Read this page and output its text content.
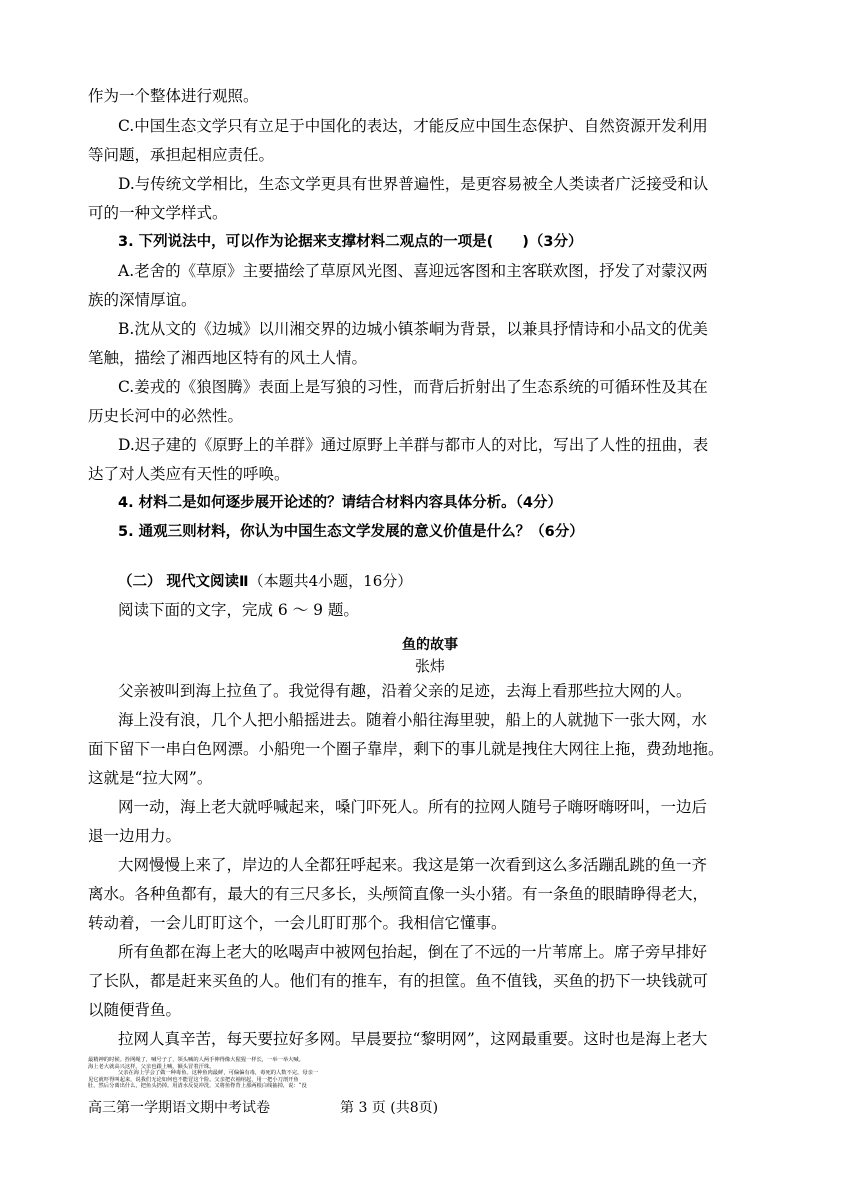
作为一个整体进行观照。
C.中国生态文学只有立足于中国化的表达，才能反应中国生态保护、自然资源开发利用
等问题，承担起相应责任。
D.与传统文学相比，生态文学更具有世界普遍性，是更容易被全人类读者广泛接受和认
可的一种文学样式。
3. 下列说法中，可以作为论据来支撑材料二观点的一项是(　　)（3分）
A.老舍的《草原》主要描绘了草原风光图、喜迎远客图和主客联欢图，抒发了对蒙汉两
族的深情厚谊。
B.沈从文的《边城》以川湘交界的边城小镇茶峒为背景，以兼具抒情诗和小品文的优美
笔触，描绘了湘西地区特有的风土人情。
C.姜戎的《狼图腾》表面上是写狼的习性，而背后折射出了生态系统的可循环性及其在
历史长河中的必然性。
D.迟子建的《原野上的羊群》通过原野上羊群与都市人的对比，写出了人性的扭曲，表
达了对人类应有天性的呼唤。
4. 材料二是如何逐步展开论述的？请结合材料内容具体分析。（4分）
5. 通观三则材料，你认为中国生态文学发展的意义价值是什么？（6分）
（二） 现代文阅读Ⅱ（本题共4小题，16分）
阅读下面的文字，完成 6 ～ 9 题。
鱼的故事
张炜
父亲被叫到海上拉鱼了。我觉得有趣，沿着父亲的足迹，去海上看那些拉大网的人。
海上没有浪，几个人把小船摇进去。随着小船往海里驶，船上的人就抛下一张大网，水
面下留下一串白色网漂。小船兜一个圈子靠岸，剩下的事儿就是拽住大网往上拖，费劲地拖。
这就是“拉大网”。
网一动，海上老大就呼喊起来，嗓门吓死人。所有的拉网人随号子嗨呀嗨呀叫，一边后
退一边用力。
大网慢慢上来了，岸边的人全都狂呼起来。我这是第一次看到这么多活蹦乱跳的鱼一齐
离水。各种鱼都有，最大的有三尺多长，头颅简直像一头小猪。有一条鱼的眼睛睁得老大，
转动着，一会儿盯盯这个，一会儿盯盯那个。我相信它懂事。
所有鱼都在海上老大的吆喝声中被网包抬起，倒在了不远的一片苇席上。席子旁早排好
了长队，都是赶来买鱼的人。他们有的推车，有的担筐。鱼不值钱，买鱼的扔下一块钱就可
以随便背鱼。
拉网人真辛苦，每天要拉好多网。早晨要拉“黎明网”，这网最重要。这时也是海上老大
高三第一学期语文期中考试卷	第 3 页 (共8页)
最精神的时候。拴网绳了，喊号子了，领头喊的人两手伸得像大猩猩一样长，一举一举大喊。
海上老大就高兴这样。父亲也跟上喊，额头冒着汗珠。
父亲在海上学会了做一种毒鱼。这种鱼肉最鲜，可偏偏有毒，毒死的人数不完。母亲一
见它就吓得叫起来，说我们无论如何也不能冒这个险。父亲把衣袖绾起，用一把小刀剖开鱼
肚，然后分离出什么，把鱼头扔掉。用清水反复冲洗，又将鱼脊背上那两根白线抽掉，说：“没
